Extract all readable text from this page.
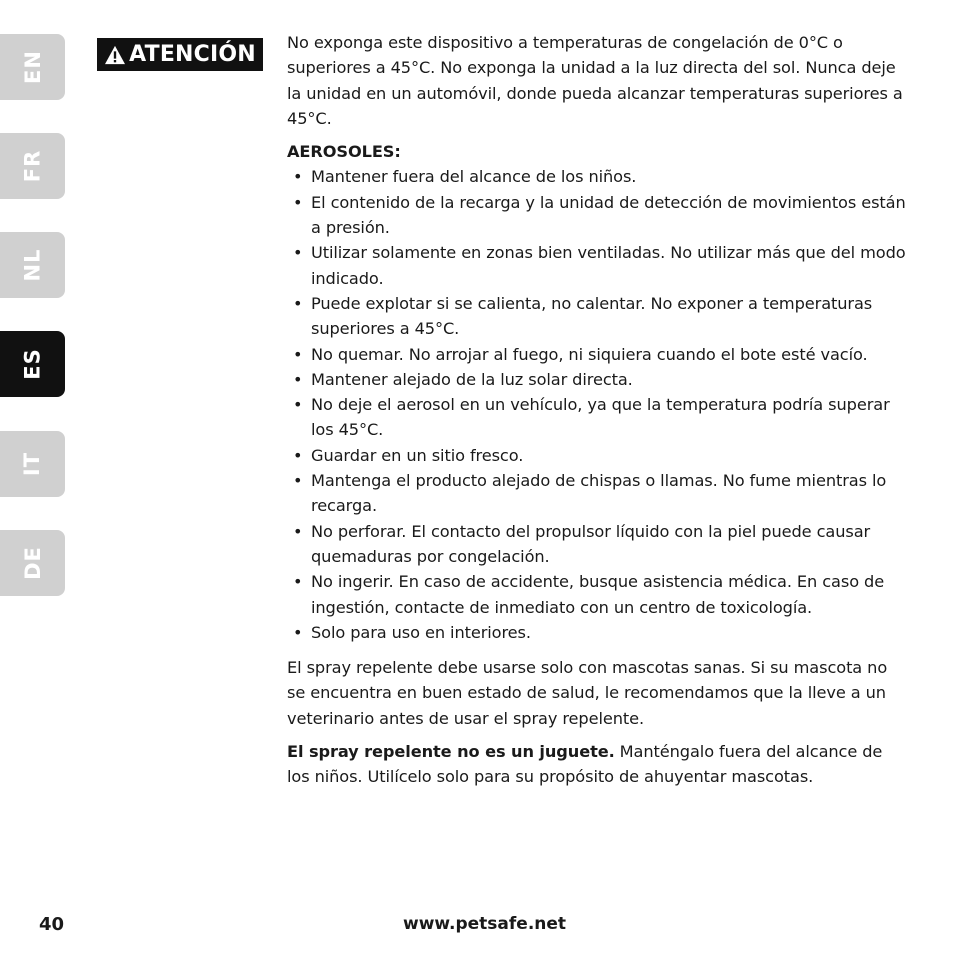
EN
FR
NL
ES
IT
DE
ATENCIÓN No exponga este dispositivo a temperaturas de congelación de 0°C o superiores a 45°C. No exponga la unidad a la luz directa del sol. Nunca deje la unidad en un automóvil, donde pueda alcanzar temperaturas superiores a 45°C.

AEROSOLES:

• Mantener fuera del alcance de los niños.
• El contenido de la recarga y la unidad de detección de movimientos están a presión.
• Utilizar solamente en zonas bien ventiladas. No utilizar más que del modo indicado.
• Puede explotar si se calienta, no calentar. No exponer a temperaturas superiores a 45°C.
• No quemar. No arrojar al fuego, ni siquiera cuando el bote esté vacío.
• Mantener alejado de la luz solar directa.
• No deje el aerosol en un vehículo, ya que la temperatura podría superar los 45°C.
• Guardar en un sitio fresco.
• Mantenga el producto alejado de chispas o llamas. No fume mientras lo recarga.
• No perforar. El contacto del propulsor líquido con la piel puede causar quemaduras por congelación.
• No ingerir. En caso de accidente, busque asistencia médica. En caso de ingestión, contacte de inmediato con un centro de toxicología.
• Solo para uso en interiores.

El spray repelente debe usarse solo con mascotas sanas. Si su mascota no se encuentra en buen estado de salud, le recomendamos que la lleve a un veterinario antes de usar el spray repelente.

El spray repelente no es un juguete. Manténgalo fuera del alcance de los niños. Utilícelo solo para su propósito de ahuyentar mascotas.

40	www.petsafe.net
